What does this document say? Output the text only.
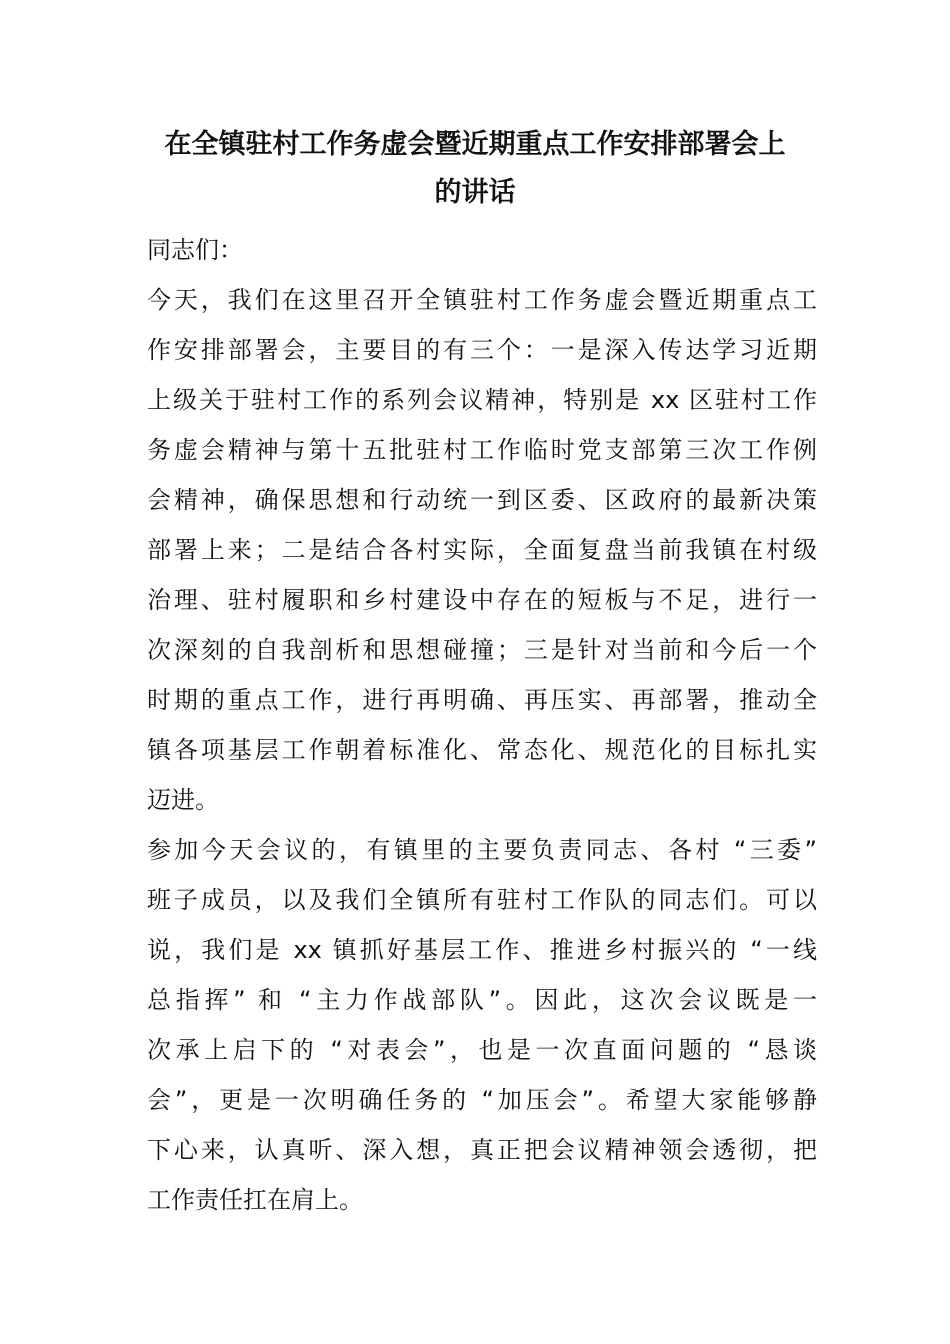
在全镇驻村工作务虚会暨近期重点工作安排部署会上
的讲话
同志们：
今天，我们在这里召开全镇驻村工作务虚会暨近期重点工
作安排部署会，主要目的有三个：一是深入传达学习近期
上级关于驻村工作的系列会议精神，特别是 xx 区驻村工作
务虚会精神与第十五批驻村工作临时党支部第三次工作例
会精神，确保思想和行动统一到区委、区政府的最新决策
部署上来；二是结合各村实际，全面复盘当前我镇在村级
治理、驻村履职和乡村建设中存在的短板与不足，进行一
次深刻的自我剖析和思想碰撞；三是针对当前和今后一个
时期的重点工作，进行再明确、再压实、再部署，推动全
镇各项基层工作朝着标准化、常态化、规范化的目标扎实
迈进。
参加今天会议的，有镇里的主要负责同志、各村 “三委”
班子成员，以及我们全镇所有驻村工作队的同志们。可以
说，我们是 xx 镇抓好基层工作、推进乡村振兴的 “一线
总指挥” 和 “主力作战部队”。因此，这次会议既是一
次承上启下的 “对表会”，也是一次直面问题的 “恳谈
会”，更是一次明确任务的 “加压会”。希望大家能够静
下心来，认真听、深入想，真正把会议精神领会透彻，把
工作责任扛在肩上。
